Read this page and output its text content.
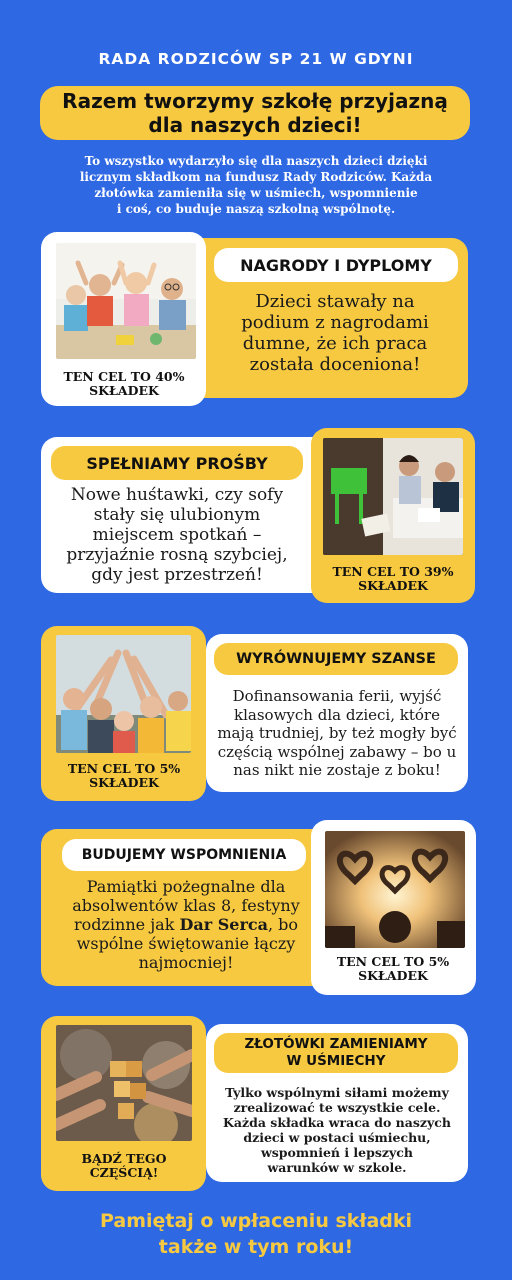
RADA RODZICÓW SP 21 W GDYNI
Razem tworzymy szkołę przyjazną
dla naszych dzieci!
To wszystko wydarzyło się dla naszych dzieci dzięki
licznym składkom na fundusz Rady Rodziców. Każda
złotówka zamieniła się w uśmiech, wspomnienie
i coś, co buduje naszą szkolną wspólnotę.
TEN CEL TO 40%
SKŁADEK
NAGRODY I DYPLOMY
Dzieci stawały na
podium z nagrodami
dumne, że ich praca
została doceniona!
TEN CEL TO 39%
SKŁADEK
SPEŁNIAMY PROŚBY
Nowe huśtawki, czy sofy
stały się ulubionym
miejscem spotkań –
przyjaźnie rosną szybciej,
gdy jest przestrzeń!
TEN CEL TO 5%
SKŁADEK
WYRÓWNUJEMY SZANSE
Dofinansowania ferii, wyjść
klasowych dla dzieci, które
mają trudniej, by też mogły być
częścią wspólnej zabawy – bo u
nas nikt nie zostaje z boku!
TEN CEL TO 5%
SKŁADEK
BUDUJEMY WSPOMNIENIA
Pamiątki pożegnalne dla
absolwentów klas 8, festyny
rodzinne jak Dar Serca, bo
wspólne świętowanie łączy
najmocniej!
BĄDŹ TEGO
CZĘŚCIĄ!
ZŁOTÓWKI ZAMIENIAMY
W UŚMIECHY
Tylko wspólnymi siłami możemy
zrealizować te wszystkie cele.
Każda składka wraca do naszych
dzieci w postaci uśmiechu,
wspomnień i lepszych
warunków w szkole.
Pamiętaj o wpłaceniu składki
także w tym roku!
